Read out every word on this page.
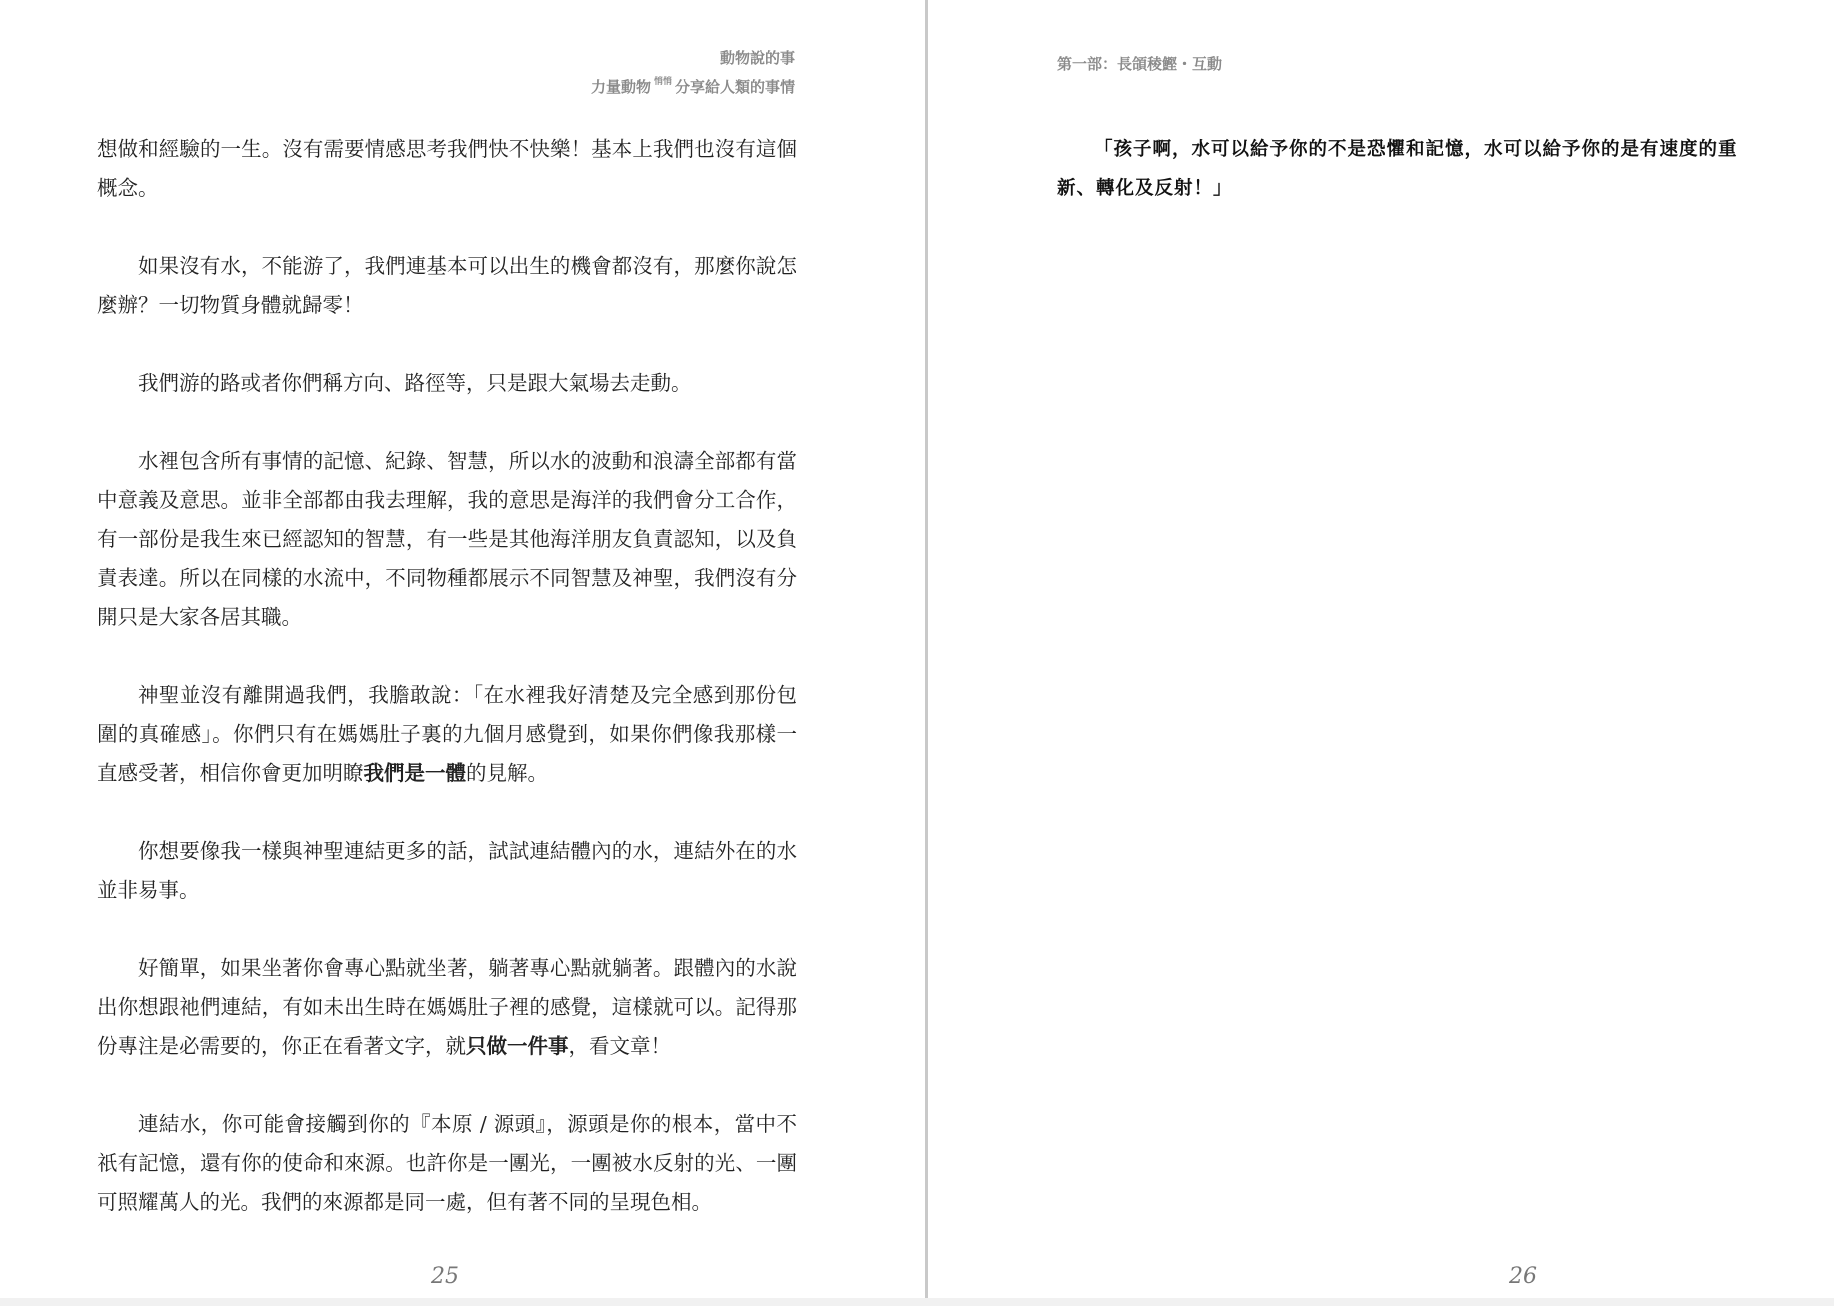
動物說的事
力量動物 $^{悄悄}$ 分享給人類的事情

想做和經驗的一生。沒有需要情感思考我們快不快樂！基本上我們也沒有這個概念。

如果沒有水，不能游了，我們連基本可以出生的機會都沒有，那麼你說怎麼辦？一切物質身體就歸零！

我們游的路或者你們稱方向、路徑等，只是跟大氣場去走動。

水裡包含所有事情的記憶、紀錄、智慧，所以水的波動和浪濤全部都有當中意義及意思。並非全部都由我去理解，我的意思是海洋的我們會分工合作，有一部份是我生來已經認知的智慧，有一些是其他海洋朋友負責認知，以及負責表達。所以在同樣的水流中，不同物種都展示不同智慧及神聖，我們沒有分開只是大家各居其職。

神聖並沒有離開過我們，我膽敢說：「在水裡我好清楚及完全感到那份包圍的真確感」。你們只有在媽媽肚子裏的九個月感覺到，如果你們像我那樣一直感受著，相信你會更加明瞭我們是一體的見解。

你想要像我一樣與神聖連結更多的話，試試連結體內的水，連結外在的水並非易事。

好簡單，如果坐著你會專心點就坐著，躺著專心點就躺著。跟體內的水說出你想跟祂們連結，有如未出生時在媽媽肚子裡的感覺，這樣就可以。記得那份專注是必需要的，你正在看著文字，就只做一件事，看文章！

連結水，你可能會接觸到你的『本原 / 源頭』，源頭是你的根本，當中不祇有記憶，還有你的使命和來源。也許你是一團光，一團被水反射的光、一團可照耀萬人的光。我們的來源都是同一處，但有著不同的呈現色相。

25
第一部：長頜稜鰹・互動
「孩子啊，水可以給予你的不是恐懼和記憶，水可以給予你的是有速度的重新、轉化及反射！」
26
